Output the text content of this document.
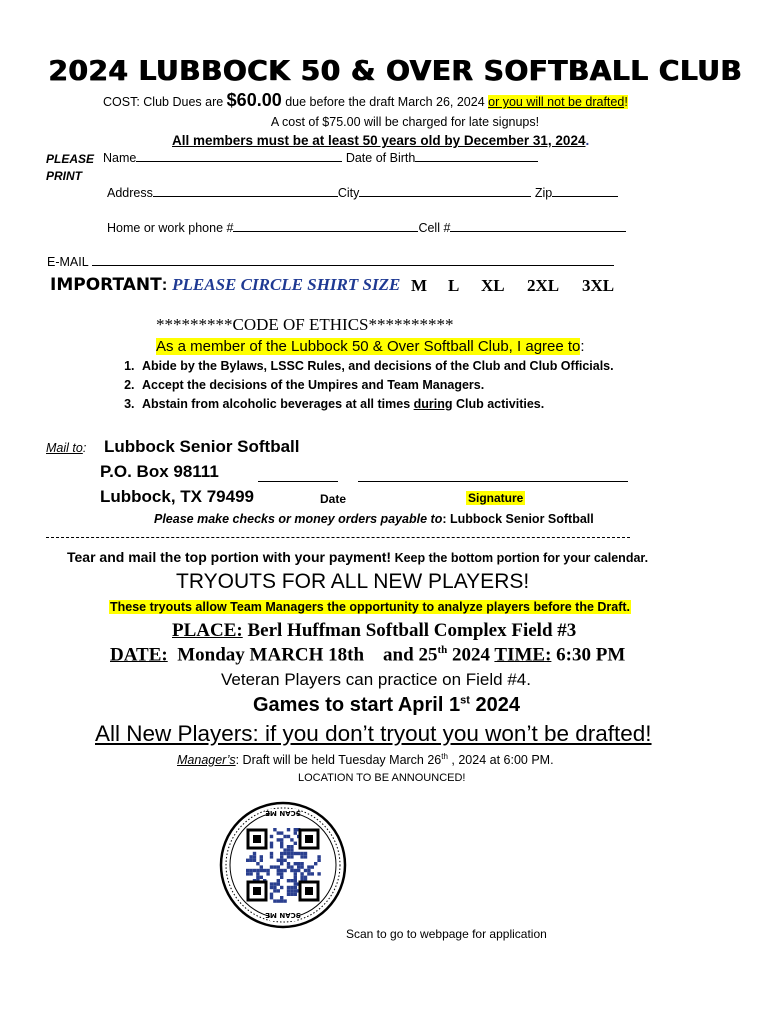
2024 LUBBOCK 50 & OVER SOFTBALL CLUB
COST: Club Dues are $60.00 due before the draft March 26, 2024 or you will not be drafted!
A cost of $75.00 will be charged for late signups!
All members must be at least 50 years old by December 31, 2024.
PLEASE
PRINT
Name	Date of Birth
Address	City	Zip
Home or work phone #	Cell #
E-MAIL
IMPORTANT: PLEASE CIRCLE SHIRT SIZE M L XL 2XL 3XL
*********CODE OF ETHICS**********
As a member of the Lubbock 50 & Over Softball Club, I agree to:
1. Abide by the Bylaws, LSSC Rules, and decisions of the Club and Club Officials.
2. Accept the decisions of the Umpires and Team Managers.
3. Abstain from alcoholic beverages at all times during Club activities.
Mail to: Lubbock Senior Softball
P.O. Box 98111
Lubbock, TX 79499	Date	Signature
Please make checks or money orders payable to: Lubbock Senior Softball
Tear and mail the top portion with your payment! Keep the bottom portion for your calendar.
TRYOUTS FOR ALL NEW PLAYERS!
These tryouts allow Team Managers the opportunity to analyze players before the Draft.
PLACE: Berl Huffman Softball Complex Field #3
DATE:  Monday MARCH 18th    and 25th 2024 TIME: 6:30 PM
Veteran Players can practice on Field #4.
Games to start April 1st 2024
All New Players: if you don’t tryout you won’t be drafted!
Manager’s: Draft will be held Tuesday March 26th , 2024 at 6:00 PM.
LOCATION TO BE ANNOUNCED!
SCAN ME
SCAN ME
Scan to go to webpage for application
